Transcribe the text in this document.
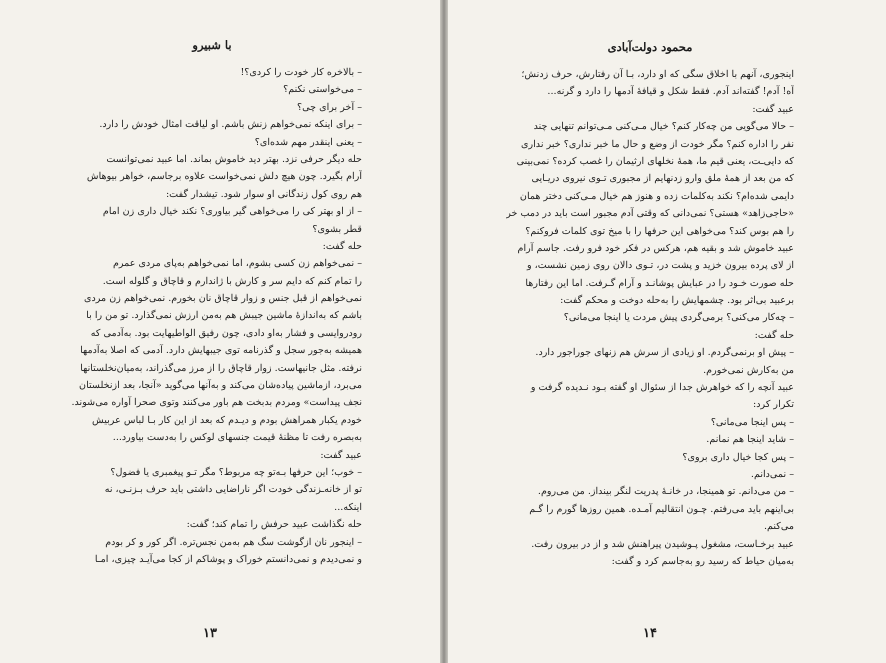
با شبیرو
– بالاخره کار خودت را کردی؟!
– می‌خواستی نکنم؟
– آخر برای چی؟
– برای اینکه نمی‌خواهم زنش باشم. او لیاقت امثال خودش را دارد.
– یعنی اینقدر مهم شده‌ای؟
حله دیگر حرفی نزد. بهتر دید خاموش بماند. اما عبید نمی‌توانست
آرام بگیرد. چون هیچ دلش نمی‌خواست علاوه برجاسم، خواهر بیوهاش
هم روی کول زندگانی او سوار شود. تیشدار گفت:
– از او بهتر کی را می‌خواهی گیر بیاوری؟ نکند خیال داری زن امام
قطر بشوی؟
حله گفت:
– نمی‌خواهم زن کسی بشوم، اما نمی‌خواهم به‌پای مردی عمرم
را تمام کنم که دایم سر و کارش با ژاندارم و قاچاق و گلوله است.
نمی‌خواهم از قبل جنس و زوار قاچاق نان بخورم. نمی‌خواهم زن مردی
باشم که به‌اندازهٔ ماشین جیبش هم به‌من ارزش نمی‌گذارد. تو من را با
رودروایسی و فشار به‌او دادی، چون رفیق الواطیهایت بود. به‌آدمی که
همیشه به‌جور سجل و گذرنامه توی جیبهایش دارد. آدمی که اصلا به‌آدمها
نرفته. مثل جانیهاست. زوار قاچاق را از مرز می‌گذراند، به‌میان‌نخلستانها
می‌برد، ازماشین پیاده‌شان می‌کند و به‌آنها می‌گوید «آنجا، بعد ازنخلستان
نجف پیداست» ومردم بدبخت هم باور می‌کنند وتوی صحرا آواره می‌شوند.
خودم یکبار همراهش بودم و دیـدم که بعد از این کار بـا لباس عربیش
به‌بصره رفت تا مظنهٔ قیمت جنسهای لوکس را به‌دست بیاورد...
عبید گفت:
– خوب؛ این حرفها بـه‌تو چه مربوط؟ مگر تـو پیغمبری یا فضول؟
تو از خانه‌ـزندگی خودت اگر ناراضایی داشتی باید حرف بـزنـی، نه
اینکه...
حله نگذاشت عبید حرفش را تمام کند؛ گفت:
– اینجور نان ازگوشت سگ هم به‌من نجس‌تره. اگر کور و کر بودم
و نمی‌دیدم و نمی‌دانستم خوراک و پوشاکم از کجا می‌آیـد چیزی، امـا
۱۳
محمود دولت‌آبادی
اینجوری، آنهم با اخلاق سگی که او دارد، بـا آن رفتارش، حرف زدنش؛
آه! آدم! گفته‌اند آدم. فقط شکل و قیافهٔ آدمها را دارد و گرنه...
عبید گفت:
– حالا می‌گویی من چه‌کار کنم؟ خیال مـی‌کنی مـی‌توانم تنهایی چند
نفر را اداره کنم؟ مگر خودت از وضع و حال ما خبر نداری؟ خبر نداری
که دایی‌ـت، یعنی قیم ما، همهٔ نخلهای ارثیمان را غصب کرده؟ نمی‌بینی
که من بعد از همهٔ ملق وارو زدنهایم از مجبوری تـوی نیروی دریـایی
دایمی شده‌ام؟ نکند به‌کلمات زده و هنوز هم خیال مـی‌کنی دختر همان
«حاجی‌زاهد» هستی؟ نمی‌دانی که وقتی آدم مجبور است باید در دمب خر
را هم بوس کند؟ می‌خواهی این حرفها را با میخ توی کلمات فروکنم؟
عبید خاموش شد و بقیه هم، هرکس در فکر خود فرو رفت. جاسم آرام
از لای پرده بیرون خزید و پشت در، تـوی دالان روی زمین نشست، و
حله صورت خـود را در عبایش پوشانـد و آرام گـرفت. اما این رفتارها
برعبید بی‌اثر بود. چشمهایش را به‌حله دوخت و محکم گفت:
– چه‌کار می‌کنی؟ برمی‌گردی پیش مردت یا اینجا می‌مانی؟
حله گفت:
– پیش او برنمی‌گردم. او زیادی از سرش هم زنهای جوراجور دارد.
من به‌کارش نمی‌خورم.
عبید آنچه را که خواهرش جدا از سئوال او گفته بـود نـدیده گرفت و
تکرار کرد:
– پس اینجا می‌مانی؟
– شاید اینجا هم نمانم.
– پس کجا خیال داری بروی؟
– نمی‌دانم.
– من می‌دانم. تو همینجا، در خانـهٔ پدریت لنگر بینداز. من می‌روم.
بی‌اینهم باید می‌رفتم. چـون انتقالیم آمـده. همین روزها گورم را گـم
می‌کنم.
عبید برخـاست، مشغول پـوشیدن پیراهنش شد و از در بیرون رفت.
به‌میان حیاط که رسید رو به‌جاسم کرد و گفت:
۱۴
